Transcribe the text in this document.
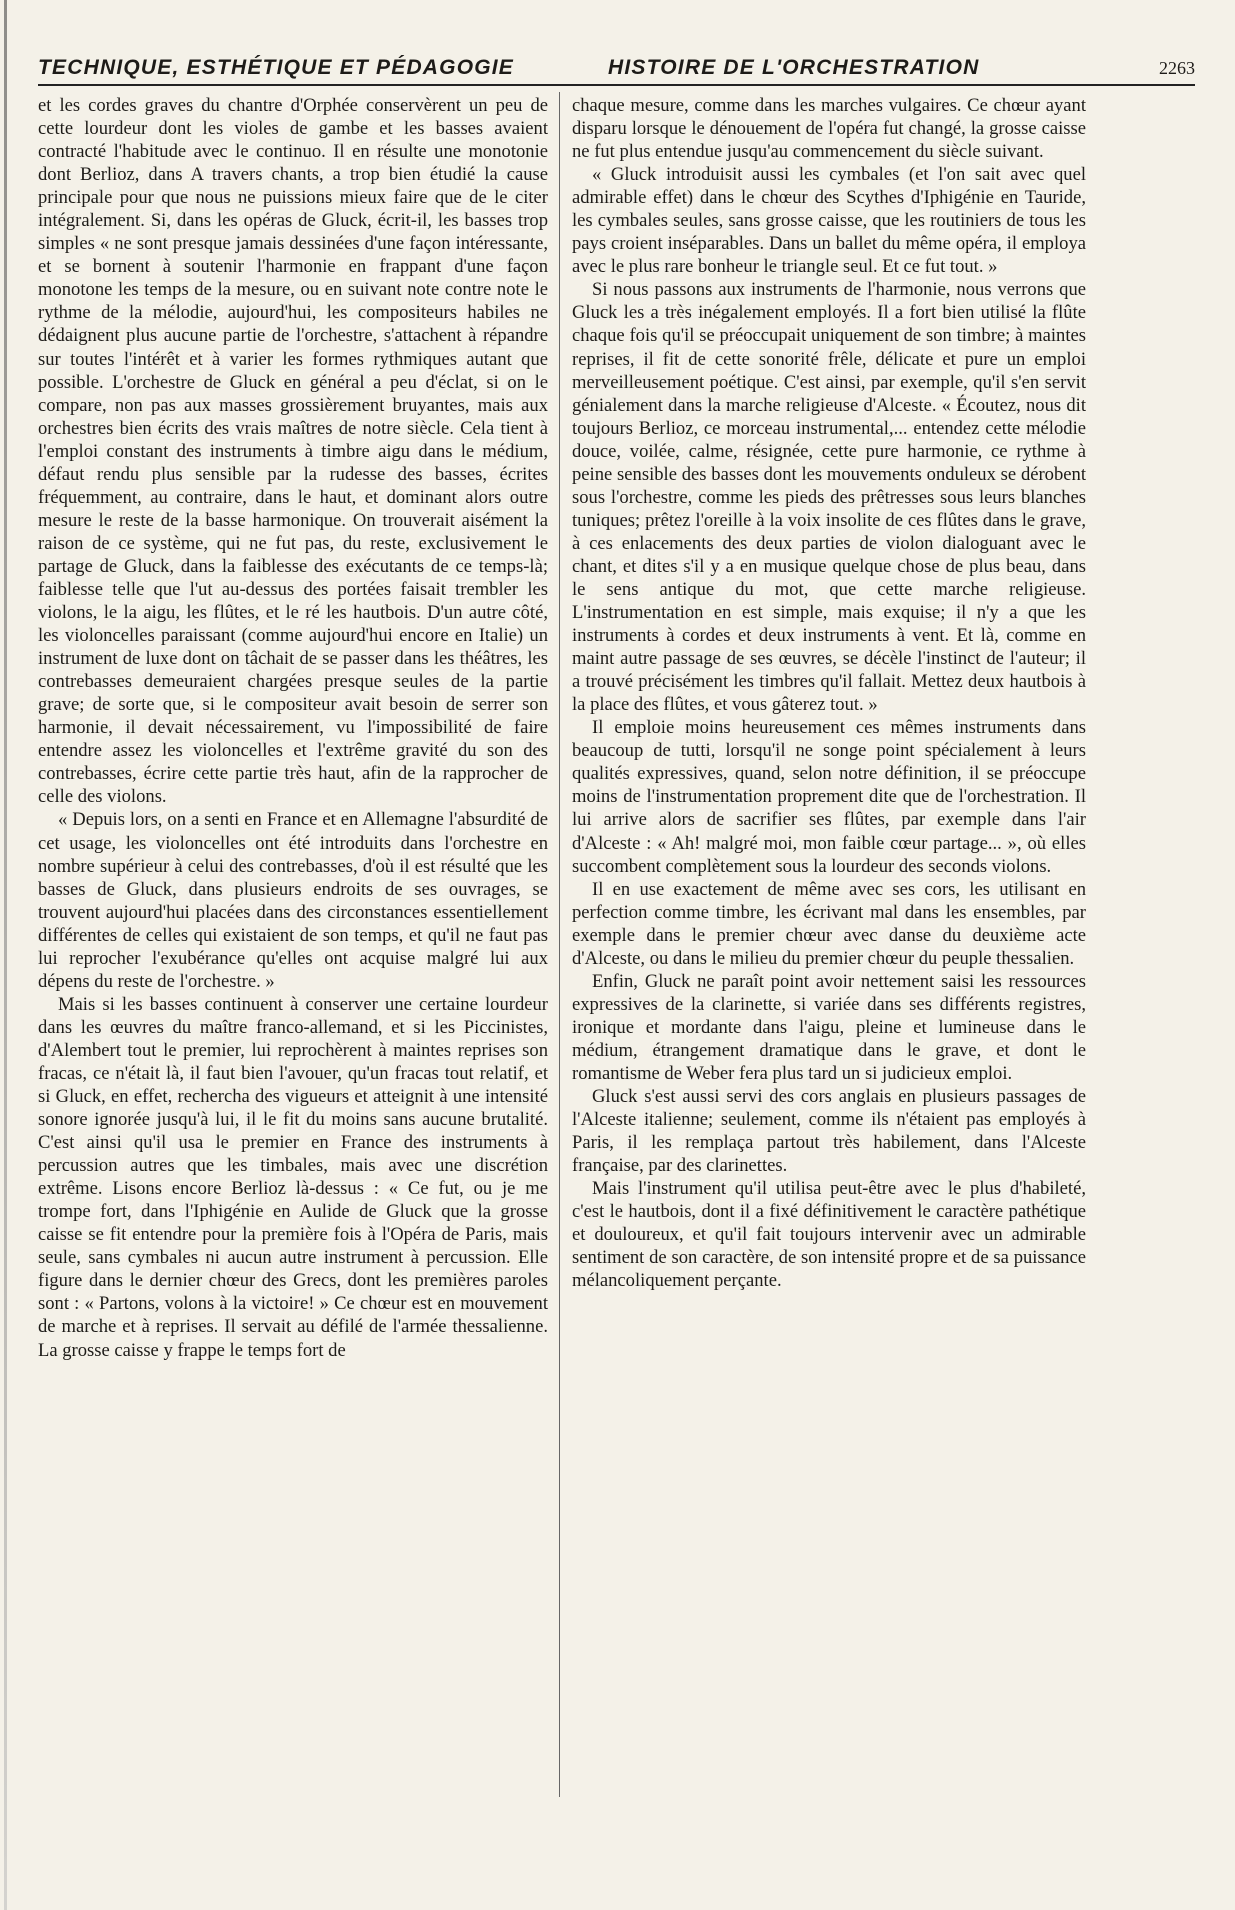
TECHNIQUE, ESTHÉTIQUE ET PÉDAGOGIE	HISTOIRE DE L'ORCHESTRATION	2263

et les cordes graves du chantre d'Orphée conservèrent un peu de cette lourdeur dont les violes de gambe et les basses avaient contracté l'habitude avec le continuo. Il en résulte une monotonie dont Berlioz, dans A travers chants, a trop bien étudié la cause principale pour que nous ne puissions mieux faire que de le citer intégralement. Si, dans les opéras de Gluck, écrit-il, les basses trop simples « ne sont presque jamais dessinées d'une façon intéressante, et se bornent à soutenir l'harmonie en frappant d'une façon monotone les temps de la mesure, ou en suivant note contre note le rythme de la mélodie, aujourd'hui, les compositeurs habiles ne dédaignent plus aucune partie de l'orchestre, s'attachent à répandre sur toutes l'intérêt et à varier les formes rythmiques autant que possible. L'orchestre de Gluck en général a peu d'éclat, si on le compare, non pas aux masses grossièrement bruyantes, mais aux orchestres bien écrits des vrais maîtres de notre siècle. Cela tient à l'emploi constant des instruments à timbre aigu dans le médium, défaut rendu plus sensible par la rudesse des basses, écrites fréquemment, au contraire, dans le haut, et dominant alors outre mesure le reste de la basse harmonique. On trouverait aisément la raison de ce système, qui ne fut pas, du reste, exclusivement le partage de Gluck, dans la faiblesse des exécutants de ce temps-là; faiblesse telle que l'ut au-dessus des portées faisait trembler les violons, le la aigu, les flûtes, et le ré les hautbois. D'un autre côté, les violoncelles paraissant (comme aujourd'hui encore en Italie) un instrument de luxe dont on tâchait de se passer dans les théâtres, les contrebasses demeuraient chargées presque seules de la partie grave; de sorte que, si le compositeur avait besoin de serrer son harmonie, il devait nécessairement, vu l'impossibilité de faire entendre assez les violoncelles et l'extrême gravité du son des contrebasses, écrire cette partie très haut, afin de la rapprocher de celle des violons.

« Depuis lors, on a senti en France et en Allemagne l'absurdité de cet usage, les violoncelles ont été introduits dans l'orchestre en nombre supérieur à celui des contrebasses, d'où il est résulté que les basses de Gluck, dans plusieurs endroits de ses ouvrages, se trouvent aujourd'hui placées dans des circonstances essentiellement différentes de celles qui existaient de son temps, et qu'il ne faut pas lui reprocher l'exubérance qu'elles ont acquise malgré lui aux dépens du reste de l'orchestre. »

Mais si les basses continuent à conserver une certaine lourdeur dans les œuvres du maître franco-allemand, et si les Piccinistes, d'Alembert tout le premier, lui reprochèrent à maintes reprises son fracas, ce n'était là, il faut bien l'avouer, qu'un fracas tout relatif, et si Gluck, en effet, recherchа des vigueurs et atteignit à une intensité sonore ignorée jusqu'à lui, il le fit du moins sans aucune brutalité. C'est ainsi qu'il usa le premier en France des instruments à percussion autres que les timbales, mais avec une discrétion extrême. Lisons encore Berlioz là-dessus : « Ce fut, ou je me trompe fort, dans l'Iphigénie en Aulide de Gluck que la grosse caisse se fit entendre pour la première fois à l'Opéra de Paris, mais seule, sans cymbales ni aucun autre instrument à percussion. Elle figure dans le dernier chœur des Grecs, dont les premières paroles sont : « Partons, volons à la victoire! » Ce chœur est en mouvement de marche et à reprises. Il servait au défilé de l'armée thessalienne. La grosse caisse y frappe le temps fort de

chaque mesure, comme dans les marches vulgaires. Ce chœur ayant disparu lorsque le dénouement de l'opéra fut changé, la grosse caisse ne fut plus entendue jusqu'au commencement du siècle suivant.

« Gluck introduisit aussi les cymbales (et l'on sait avec quel admirable effet) dans le chœur des Scythes d'Iphigénie en Tauride, les cymbales seules, sans grosse caisse, que les routiniers de tous les pays croient inséparables. Dans un ballet du même opéra, il employa avec le plus rare bonheur le triangle seul. Et ce fut tout. »

Si nous passons aux instruments de l'harmonie, nous verrons que Gluck les a très inégalement employés. Il a fort bien utilisé la flûte chaque fois qu'il se préoccupait uniquement de son timbre; à maintes reprises, il fit de cette sonorité frêle, délicate et pure un emploi merveilleusement poétique. C'est ainsi, par exemple, qu'il s'en servit génialement dans la marche religieuse d'Alceste. « Écoutez, nous dit toujours Berlioz, ce morceau instrumental,... entendez cette mélodie douce, voilée, calme, résignée, cette pure harmonie, ce rythme à peine sensible des basses dont les mouvements onduleux se dérobent sous l'orchestre, comme les pieds des prêtresses sous leurs blanches tuniques; prêtez l'oreille à la voix insolite de ces flûtes dans le grave, à ces enlacements des deux parties de violon dialoguant avec le chant, et dites s'il y a en musique quelque chose de plus beau, dans le sens antique du mot, que cette marche religieuse. L'instrumentation en est simple, mais exquise; il n'y a que les instruments à cordes et deux instruments à vent. Et là, comme en maint autre passage de ses œuvres, se décèle l'instinct de l'auteur; il a trouvé précisément les timbres qu'il fallait. Mettez deux hautbois à la place des flûtes, et vous gâterez tout. »

Il emploie moins heureusement ces mêmes instruments dans beaucoup de tutti, lorsqu'il ne songe point spécialement à leurs qualités expressives, quand, selon notre définition, il se préoccupe moins de l'instrumentation proprement dite que de l'orchestration. Il lui arrive alors de sacrifier ses flûtes, par exemple dans l'air d'Alceste : « Ah! malgré moi, mon faible cœur partage... », où elles succombent complètement sous la lourdeur des seconds violons.

Il en use exactement de même avec ses cors, les utilisant en perfection comme timbre, les écrivant mal dans les ensembles, par exemple dans le premier chœur avec danse du deuxième acte d'Alceste, ou dans le milieu du premier chœur du peuple thessalien.

Enfin, Gluck ne paraît point avoir nettement saisi les ressources expressives de la clarinette, si variée dans ses différents registres, ironique et mordante dans l'aigu, pleine et lumineuse dans le médium, étrangement dramatique dans le grave, et dont le romantisme de Weber fera plus tard un si judicieux emploi.

Gluck s'est aussi servi des cors anglais en plusieurs passages de l'Alceste italienne; seulement, comme ils n'étaient pas employés à Paris, il les remplaça partout très habilement, dans l'Alceste française, par des clarinettes.

Mais l'instrument qu'il utilisa peut-être avec le plus d'habileté, c'est le hautbois, dont il a fixé définitivement le caractère pathétique et douloureux, et qu'il fait toujours intervenir avec un admirable sentiment de son caractère, de son intensité propre et de sa puissance mélancoliquement perçante.
